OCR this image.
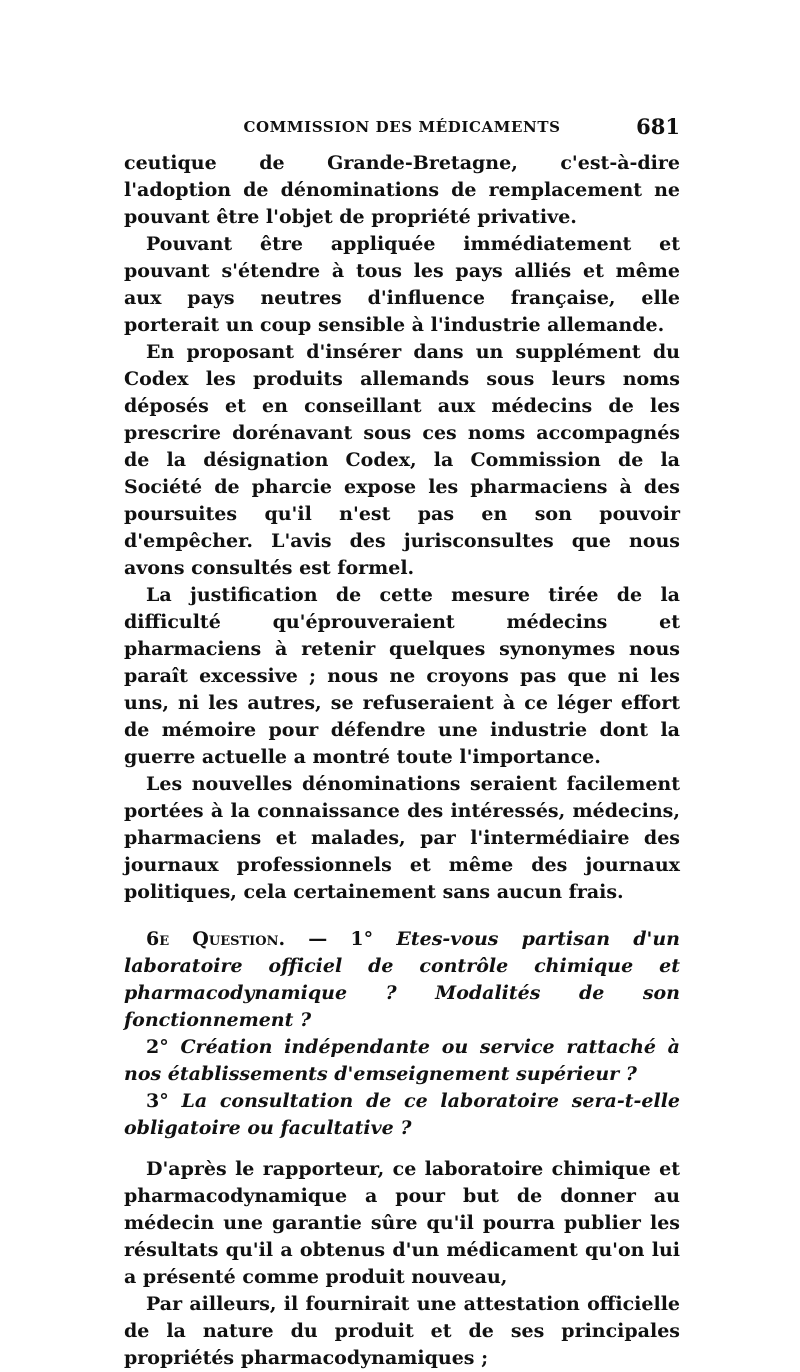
COMMISSION DES MÉDICAMENTS	681

ceutique de Grande-Bretagne, c'est-à-dire l'adoption de dénominations de remplacement ne pouvant être l'objet de propriété privative.

Pouvant être appliquée immédiatement et pouvant s'étendre à tous les pays alliés et même aux pays neutres d'influence française, elle porterait un coup sensible à l'industrie allemande.

En proposant d'insérer dans un supplément du Codex les produits allemands sous leurs noms déposés et en conseillant aux médecins de les prescrire dorénavant sous ces noms accompagnés de la désignation Codex, la Commission de la Société de pharcie expose les pharmaciens à des poursuites qu'il n'est pas en son pouvoir d'empêcher. L'avis des jurisconsultes que nous avons consultés est formel.

La justification de cette mesure tirée de la difficulté qu'éprouveraient médecins et pharmaciens à retenir quelques synonymes nous paraît excessive ; nous ne croyons pas que ni les uns, ni les autres, se refuseraient à ce léger effort de mémoire pour défendre une industrie dont la guerre actuelle a montré toute l'importance.

Les nouvelles dénominations seraient facilement portées à la connaissance des intéressés, médecins, pharmaciens et malades, par l'intermédiaire des journaux professionnels et même des journaux politiques, cela certainement sans aucun frais.

6e Question. — 1° Etes-vous partisan d'un laboratoire officiel de contrôle chimique et pharmacodynamique ? Modalités de son fonctionnement ?

2° Création indépendante ou service rattaché à nos établissements d'emseignement supérieur ?

3° La consultation de ce laboratoire sera-t-elle obligatoire ou facultative ?

D'après le rapporteur, ce laboratoire chimique et pharmacodynamique a pour but de donner au médecin une garantie sûre qu'il pourra publier les résultats qu'il a obtenus d'un médicament qu'on lui a présenté comme produit nouveau,

Par ailleurs, il fournirait une attestation officielle de la nature du produit et de ses principales propriétés pharmacodynamiques ;
